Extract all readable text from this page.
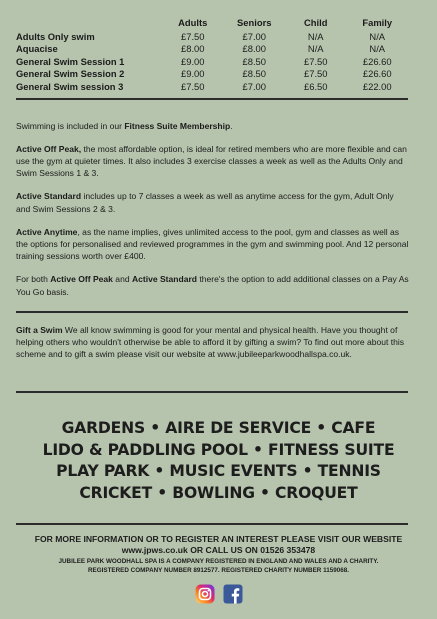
	Adults	Seniors	Child	Family
Adults Only swim	£7.50	£7.00	N/A	N/A
Aquacise	£8.00	£8.00	N/A	N/A
General Swim Session 1	£9.00	£8.50	£7.50	£26.60
General Swim Session 2	£9.00	£8.50	£7.50	£26.60
General Swim session 3	£7.50	£7.00	£6.50	£22.00

Swimming is included in our Fitness Suite Membership.

Active Off Peak, the most affordable option, is ideal for retired members who are more flexible and can use the gym at quieter times. It also includes 3 exercise classes a week as well as the Adults Only and Swim Sessions 1 & 3.

Active Standard includes up to 7 classes a week as well as anytime access for the gym, Adult Only and Swim Sessions 2 & 3.

Active Anytime, as the name implies, gives unlimited access to the pool, gym and classes as well as the options for personalised and reviewed programmes in the gym and swimming pool. And 12 personal training sessions worth over £400.

For both Active Off Peak and Active Standard there's the option to add additional classes on a Pay As You Go basis.

Gift a Swim We all know swimming is good for your mental and physical health. Have you thought of helping others who wouldn't otherwise be able to afford it by gifting a swim? To find out more about this scheme and to gift a swim please visit our website at www.jubileeparkwoodhallspa.co.uk.

GARDENS • AIRE DE SERVICE • CAFE
LIDO & PADDLING POOL • FITNESS SUITE
PLAY PARK • MUSIC EVENTS • TENNIS
CRICKET • BOWLING • CROQUET
FOR MORE INFORMATION OR TO REGISTER AN INTEREST PLEASE VISIT OUR WEBSITE
www.jpws.co.uk OR CALL US ON 01526 353478
JUBILEE PARK WOODHALL SPA IS A COMPANY REGISTERED IN ENGLAND AND WALES AND A CHARITY.
REGISTERED COMPANY NUMBER 8912577. REGISTERED CHARITY NUMBER 1159068.
